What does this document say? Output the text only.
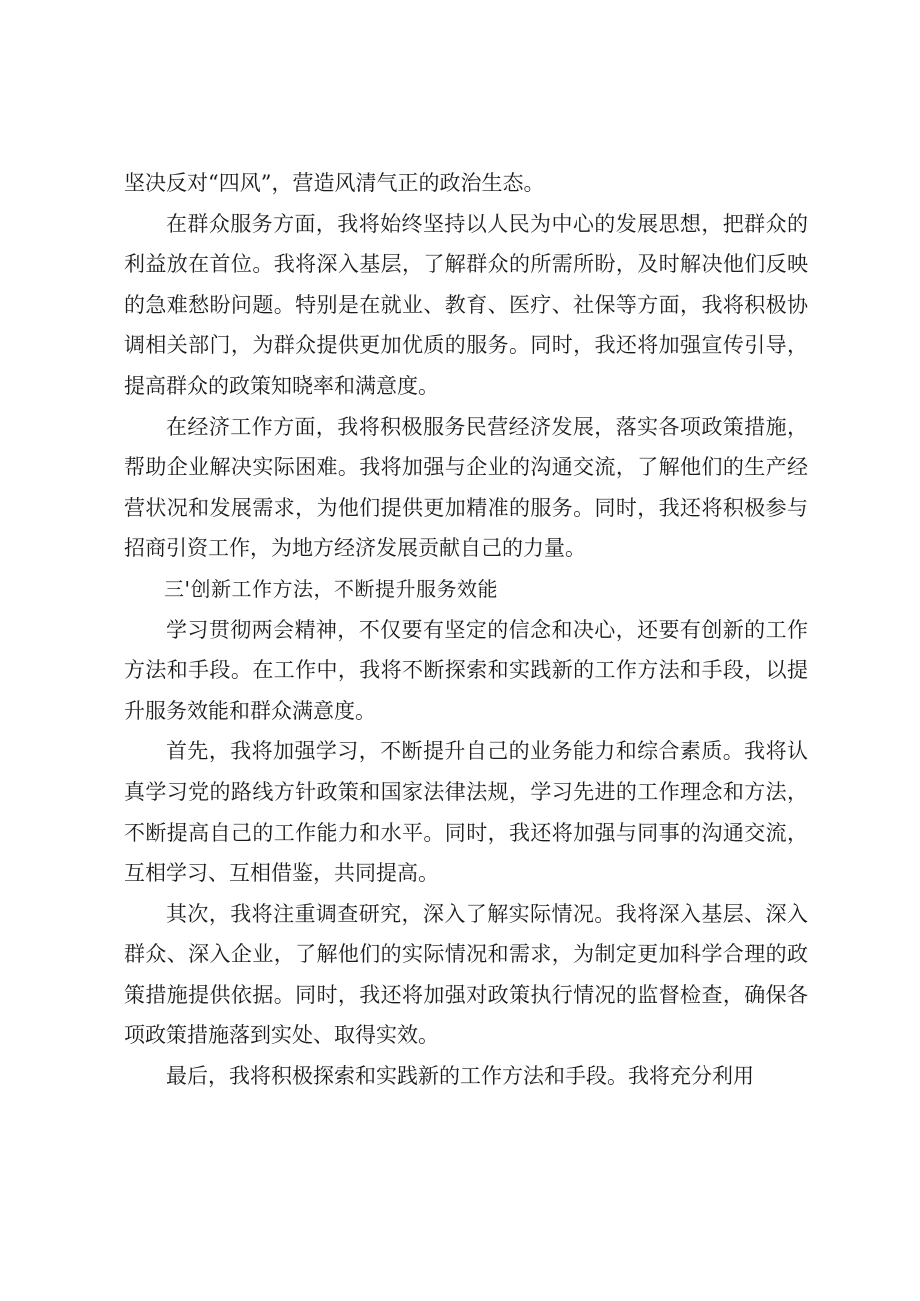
坚决反对“四风”，营造风清气正的政治生态。

在群众服务方面，我将始终坚持以人民为中心的发展思想，把群众的利益放在首位。我将深入基层，了解群众的所需所盼，及时解决他们反映的急难愁盼问题。特别是在就业、教育、医疗、社保等方面，我将积极协调相关部门，为群众提供更加优质的服务。同时，我还将加强宣传引导，提高群众的政策知晓率和满意度。

在经济工作方面，我将积极服务民营经济发展，落实各项政策措施，帮助企业解决实际困难。我将加强与企业的沟通交流，了解他们的生产经营状况和发展需求，为他们提供更加精准的服务。同时，我还将积极参与招商引资工作，为地方经济发展贡献自己的力量。

三'创新工作方法，不断提升服务效能

学习贯彻两会精神，不仅要有坚定的信念和决心，还要有创新的工作方法和手段。在工作中，我将不断探索和实践新的工作方法和手段，以提升服务效能和群众满意度。

首先，我将加强学习，不断提升自己的业务能力和综合素质。我将认真学习党的路线方针政策和国家法律法规，学习先进的工作理念和方法，不断提高自己的工作能力和水平。同时，我还将加强与同事的沟通交流，互相学习、互相借鉴，共同提高。

其次，我将注重调查研究，深入了解实际情况。我将深入基层、深入群众、深入企业，了解他们的实际情况和需求，为制定更加科学合理的政策措施提供依据。同时，我还将加强对政策执行情况的监督检查，确保各项政策措施落到实处、取得实效。

最后，我将积极探索和实践新的工作方法和手段。我将充分利用
